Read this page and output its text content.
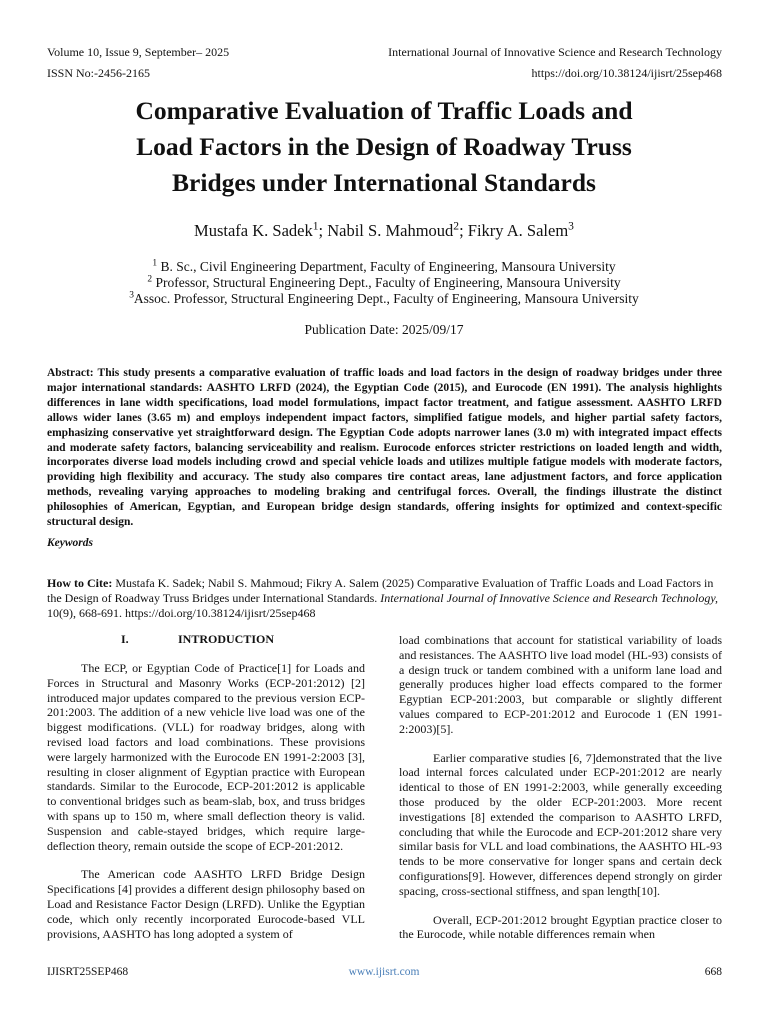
Volume 10, Issue 9, September– 2025
ISSN No:-2456-2165
International Journal of Innovative Science and Research Technology
https://doi.org/10.38124/ijisrt/25sep468
Comparative Evaluation of Traffic Loads and
Load Factors in the Design of Roadway Truss
Bridges under International Standards
Mustafa K. Sadek$^1$; Nabil S. Mahmoud$^2$; Fikry A. Salem$^3$
$^1$ B. Sc., Civil Engineering Department, Faculty of Engineering, Mansoura University
$^2$ Professor, Structural Engineering Dept., Faculty of Engineering, Mansoura University
$^3$Assoc. Professor, Structural Engineering Dept., Faculty of Engineering, Mansoura University
Publication Date: 2025/09/17
Abstract: This study presents a comparative evaluation of traffic loads and load factors in the design of roadway bridges under three major international standards: AASHTO LRFD (2024), the Egyptian Code (2015), and Eurocode (EN 1991). The analysis highlights differences in lane width specifications, load model formulations, impact factor treatment, and fatigue assessment. AASHTO LRFD allows wider lanes (3.65 m) and employs independent impact factors, simplified fatigue models, and higher partial safety factors, emphasizing conservative yet straightforward design. The Egyptian Code adopts narrower lanes (3.0 m) with integrated impact effects and moderate safety factors, balancing serviceability and realism. Eurocode enforces stricter restrictions on loaded length and width, incorporates diverse load models including crowd and special vehicle loads and utilizes multiple fatigue models with moderate factors, providing high flexibility and accuracy. The study also compares tire contact areas, lane adjustment factors, and force application methods, revealing varying approaches to modeling braking and centrifugal forces. Overall, the findings illustrate the distinct philosophies of American, Egyptian, and European bridge design standards, offering insights for optimized and context-specific structural design.
Keywords
How to Cite: Mustafa K. Sadek; Nabil S. Mahmoud; Fikry A. Salem (2025) Comparative Evaluation of Traffic Loads and Load Factors in the Design of Roadway Truss Bridges under International Standards. International Journal of Innovative Science and Research Technology, 10(9), 668-691. https://doi.org/10.38124/ijisrt/25sep468
I.	INTRODUCTION

The ECP, or Egyptian Code of Practice[1] for Loads and Forces in Structural and Masonry Works (ECP-201:2012) [2] introduced major updates compared to the previous version ECP-201:2003. The addition of a new vehicle live load was one of the biggest modifications. (VLL) for roadway bridges, along with revised load factors and load combinations. These provisions were largely harmonized with the Eurocode EN 1991-2:2003 [3], resulting in closer alignment of Egyptian practice with European standards. Similar to the Eurocode, ECP-201:2012 is applicable to conventional bridges such as beam-slab, box, and truss bridges with spans up to 150 m, where small deflection theory is valid. Suspension and cable-stayed bridges, which require large-deflection theory, remain outside the scope of ECP-201:2012.

The American code AASHTO LRFD Bridge Design Specifications [4] provides a different design philosophy based on Load and Resistance Factor Design (LRFD). Unlike the Egyptian code, which only recently incorporated Eurocode-based VLL provisions, AASHTO has long adopted a system of

load combinations that account for statistical variability of loads and resistances. The AASHTO live load model (HL-93) consists of a design truck or tandem combined with a uniform lane load and generally produces higher load effects compared to the former Egyptian ECP-201:2003, but comparable or slightly different values compared to ECP-201:2012 and Eurocode 1 (EN 1991-2:2003)[5].

Earlier comparative studies [6, 7]demonstrated that the live load internal forces calculated under ECP-201:2012 are nearly identical to those of EN 1991-2:2003, while generally exceeding those produced by the older ECP-201:2003. More recent investigations [8] extended the comparison to AASHTO LRFD, concluding that while the Eurocode and ECP-201:2012 share very similar basis for VLL and load combinations, the AASHTO HL-93 tends to be more conservative for longer spans and certain deck configurations[9]. However, differences depend strongly on girder spacing, cross-sectional stiffness, and span length[10].

Overall, ECP-201:2012 brought Egyptian practice closer to the Eurocode, while notable differences remain when

IJISRT25SEP468	www.ijisrt.com	668
